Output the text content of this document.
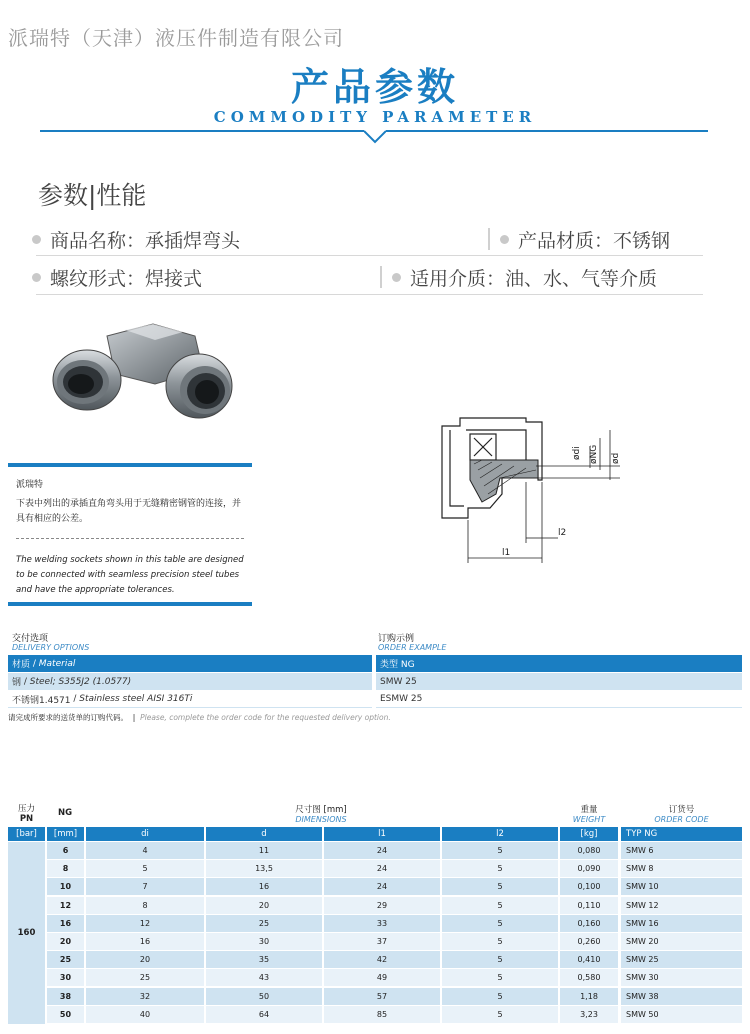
派瑞特（天津）液压件制造有限公司
产品参数
COMMODITY PARAMETER
参数|性能
商品名称：承插焊弯头	产品材质：不锈钢
螺纹形式：焊接式	适用介质：油、水、气等介质
派瑞特
下表中列出的承插直角弯头用于无缝精密钢管的连接，并具有相应的公差。
The welding sockets shown in this table are designed to be connected with seamless precision steel tubes and have the appropriate tolerances.
ødi øNG ød
l1
l2
交付选项
DELIVERY OPTIONS
订购示例
ORDER EXAMPLE
材质 / Material	类型 NG
钢 / Steel; S355J2 (1.0577)	SMW 25
不锈钢1.4571 / Stainless steel AISI 316Ti	ESMW 25
请完成所要求的送货单的订购代码。 | Please, complete the order code for the requested delivery option.
压力
PN
NG	尺寸图 [mm]
DIMENSIONS
重量
WEIGHT
订货号
ORDER CODE
[bar]	[mm]	di	d	l1	l2	[kg]	TYP NG
160
6	4	11	24	5	0,080	SMW 6
8	5	13,5	24	5	0,090	SMW 8
10	7	16	24	5	0,100	SMW 10
12	8	20	29	5	0,110	SMW 12
16	12	25	33	5	0,160	SMW 16
20	16	30	37	5	0,260	SMW 20
25	20	35	42	5	0,410	SMW 25
30	25	43	49	5	0,580	SMW 30
38	32	50	57	5	1,18	SMW 38
50	40	64	85	5	3,23	SMW 50
